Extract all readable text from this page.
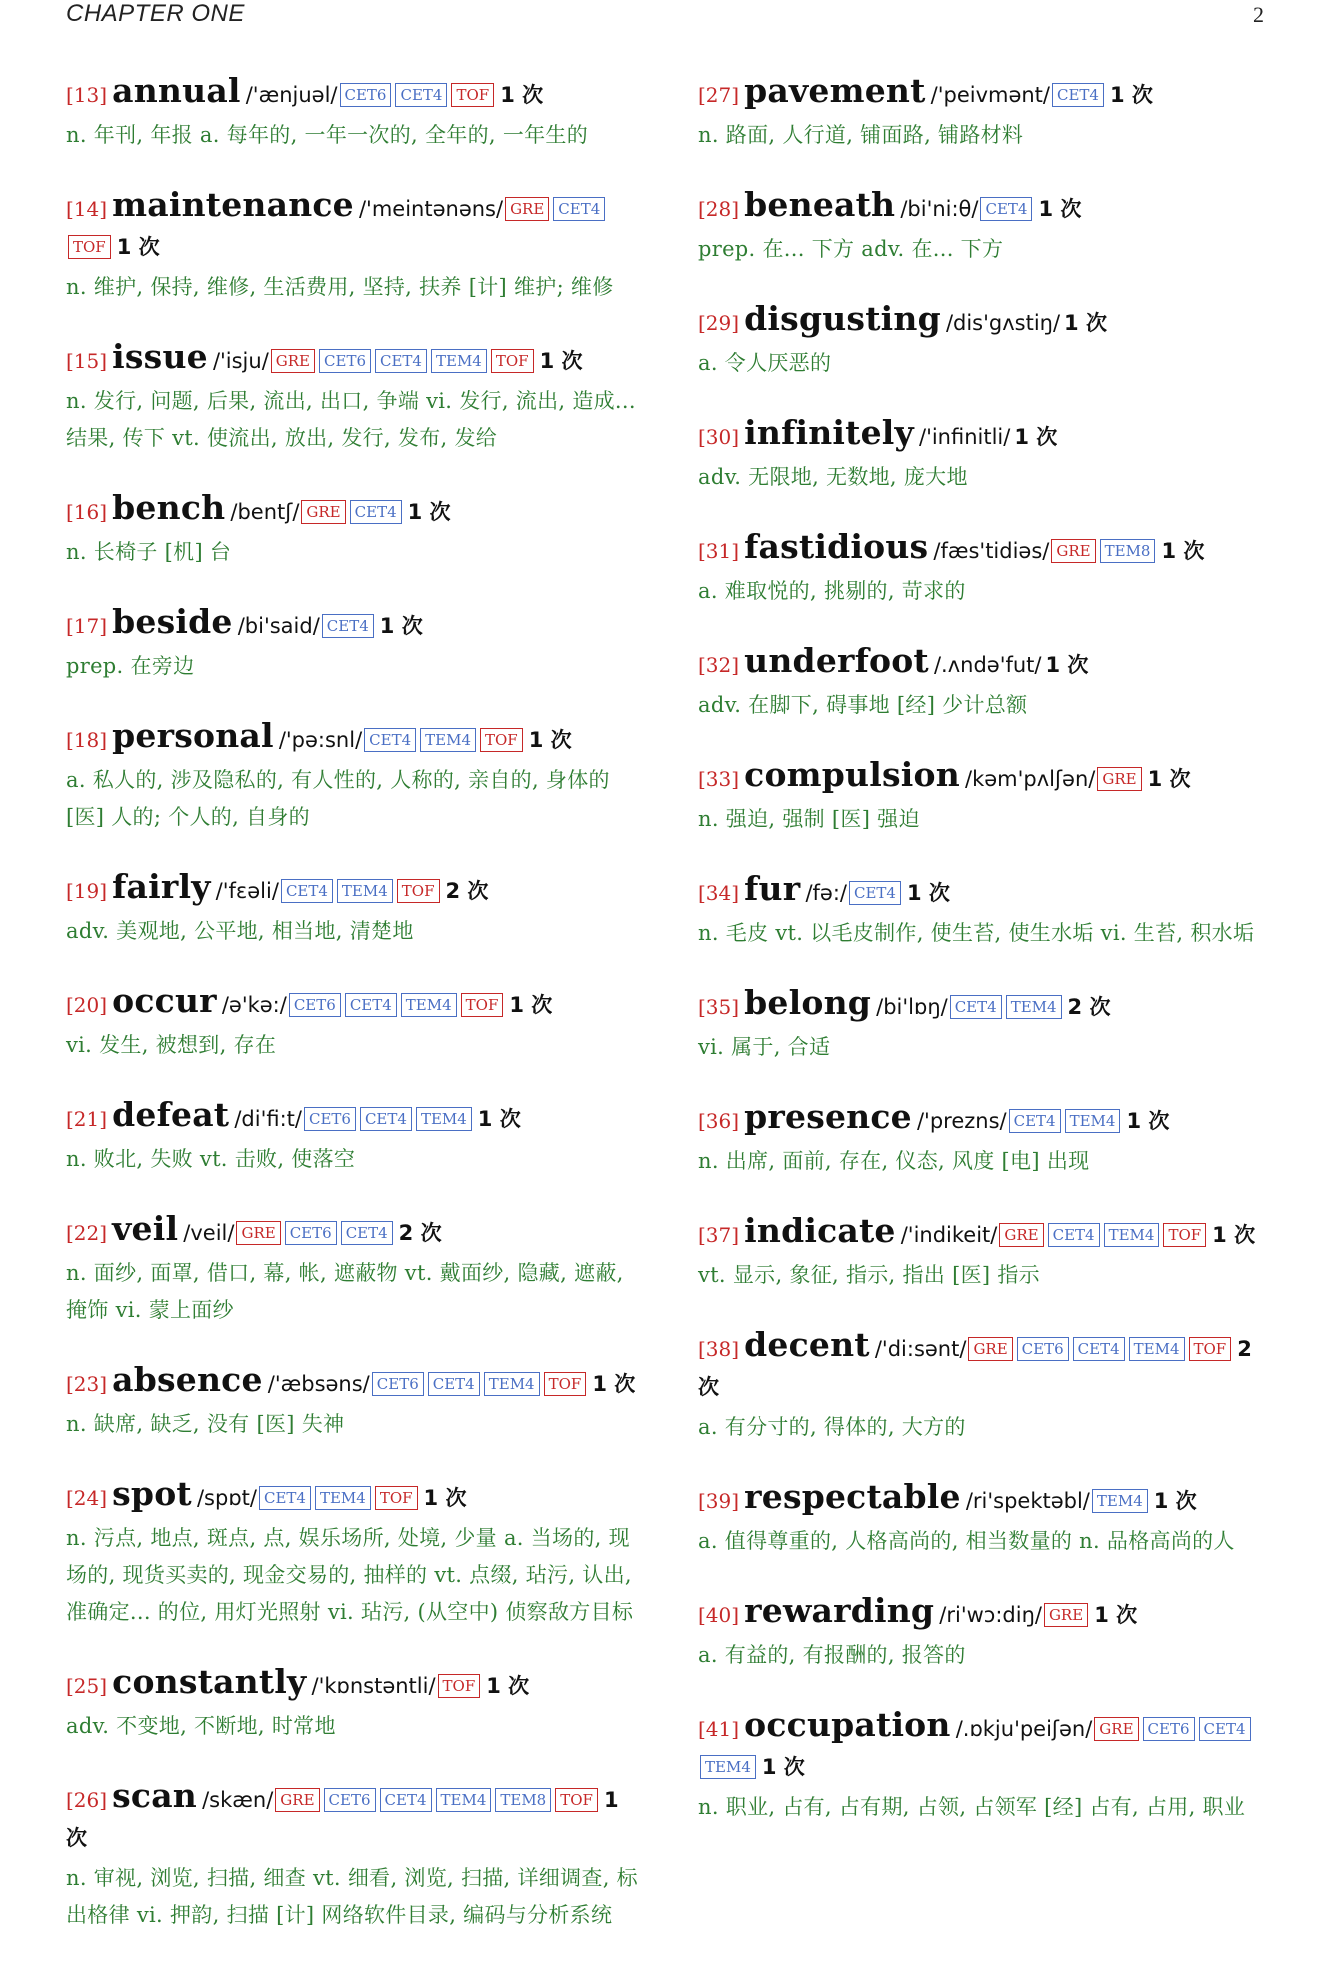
CHAPTER ONE	2
[13] annual /'ænjuəl/ CET6 CET4 TOF 1 次
n. 年刊, 年报 a. 每年的, 一年一次的, 全年的, 一年生的
[14] maintenance /'meintənəns/ GRE CET4TOF 1 次
n. 维护, 保持, 维修, 生活费用, 坚持, 扶养 [计] 维护; 维修
[15] issue /'isju/ GRE CET6 CET4 TEM4 TOF 1 次
n. 发行, 问题, 后果, 流出, 出口, 争端 vi. 发行, 流出, 造成... 结果, 传下 vt. 使流出, 放出, 发行, 发布, 发给
[16] bench /bentʃ/ GRE CET4 1 次
n. 长椅子 [机] 台
[17] beside /bi'said/ CET4 1 次
prep. 在旁边
[18] personal /'pə:snl/ CET4 TEM4 TOF 1 次
a. 私人的, 涉及隐私的, 有人性的, 人称的, 亲自的, 身体的 [医] 人的; 个人的, 自身的
[19] fairly /'fɛəli/ CET4 TEM4 TOF 2 次
adv. 美观地, 公平地, 相当地, 清楚地
[20] occur /ə'kə:/ CET6 CET4 TEM4 TOF 1 次
vi. 发生, 被想到, 存在
[21] defeat /di'fi:t/ CET6 CET4 TEM4 1 次
n. 败北, 失败 vt. 击败, 使落空
[22] veil /veil/ GRE CET6 CET4 2 次
n. 面纱, 面罩, 借口, 幕, 帐, 遮蔽物 vt. 戴面纱, 隐藏, 遮蔽, 掩饰 vi. 蒙上面纱
[23] absence /'æbsəns/ CET6 CET4 TEM4 TOF 1 次
n. 缺席, 缺乏, 没有 [医] 失神
[24] spot /spɒt/ CET4 TEM4 TOF 1 次
n. 污点, 地点, 斑点, 点, 娱乐场所, 处境, 少量 a. 当场的, 现场的, 现货买卖的, 现金交易的, 抽样的 vt. 点缀, 玷污, 认出, 准确定... 的位, 用灯光照射 vi. 玷污, (从空中) 侦察敌方目标
[25] constantly /'kɒnstəntli/ TOF 1 次
adv. 不变地, 不断地, 时常地
[26] scan /skæn/ GRE CET6 CET4 TEM4 TEM8 TOF 1 次
n. 审视, 浏览, 扫描, 细查 vt. 细看, 浏览, 扫描, 详细调查, 标出格律 vi. 押韵, 扫描 [计] 网络软件目录, 编码与分析系统
[27] pavement /'peivmənt/ CET4 1 次
n. 路面, 人行道, 铺面路, 铺路材料
[28] beneath /bi'ni:θ/ CET4 1 次
prep. 在... 下方 adv. 在... 下方
[29] disgusting /dis'gʌstiŋ/ 1 次
a. 令人厌恶的
[30] infinitely /'infinitli/ 1 次
adv. 无限地, 无数地, 庞大地
[31] fastidious /fæs'tidiəs/ GRE TEM8 1 次
a. 难取悦的, 挑剔的, 苛求的
[32] underfoot /.ʌndə'fut/ 1 次
adv. 在脚下, 碍事地 [经] 少计总额
[33] compulsion /kəm'pʌlʃən/ GRE 1 次
n. 强迫, 强制 [医] 强迫
[34] fur /fə:/ CET4 1 次
n. 毛皮 vt. 以毛皮制作, 使生苔, 使生水垢 vi. 生苔, 积水垢
[35] belong /bi'lɒŋ/ CET4 TEM4 2 次
vi. 属于, 合适
[36] presence /'prezns/ CET4 TEM4 1 次
n. 出席, 面前, 存在, 仪态, 风度 [电] 出现
[37] indicate /'indikeit/ GRE CET4 TEM4 TOF 1 次
vt. 显示, 象征, 指示, 指出 [医] 指示
[38] decent /'di:sənt/ GRE CET6 CET4 TEM4 TOF 2 次
a. 有分寸的, 得体的, 大方的
[39] respectable /ri'spektəbl/ TEM4 1 次
a. 值得尊重的, 人格高尚的, 相当数量的 n. 品格高尚的人
[40] rewarding /ri'wɔ:diŋ/ GRE 1 次
a. 有益的, 有报酬的, 报答的
[41] occupation /.ɒkju'peiʃən/ GRE CET6 CET4TEM4 1 次
n. 职业, 占有, 占有期, 占领, 占领军 [经] 占有, 占用, 职业
